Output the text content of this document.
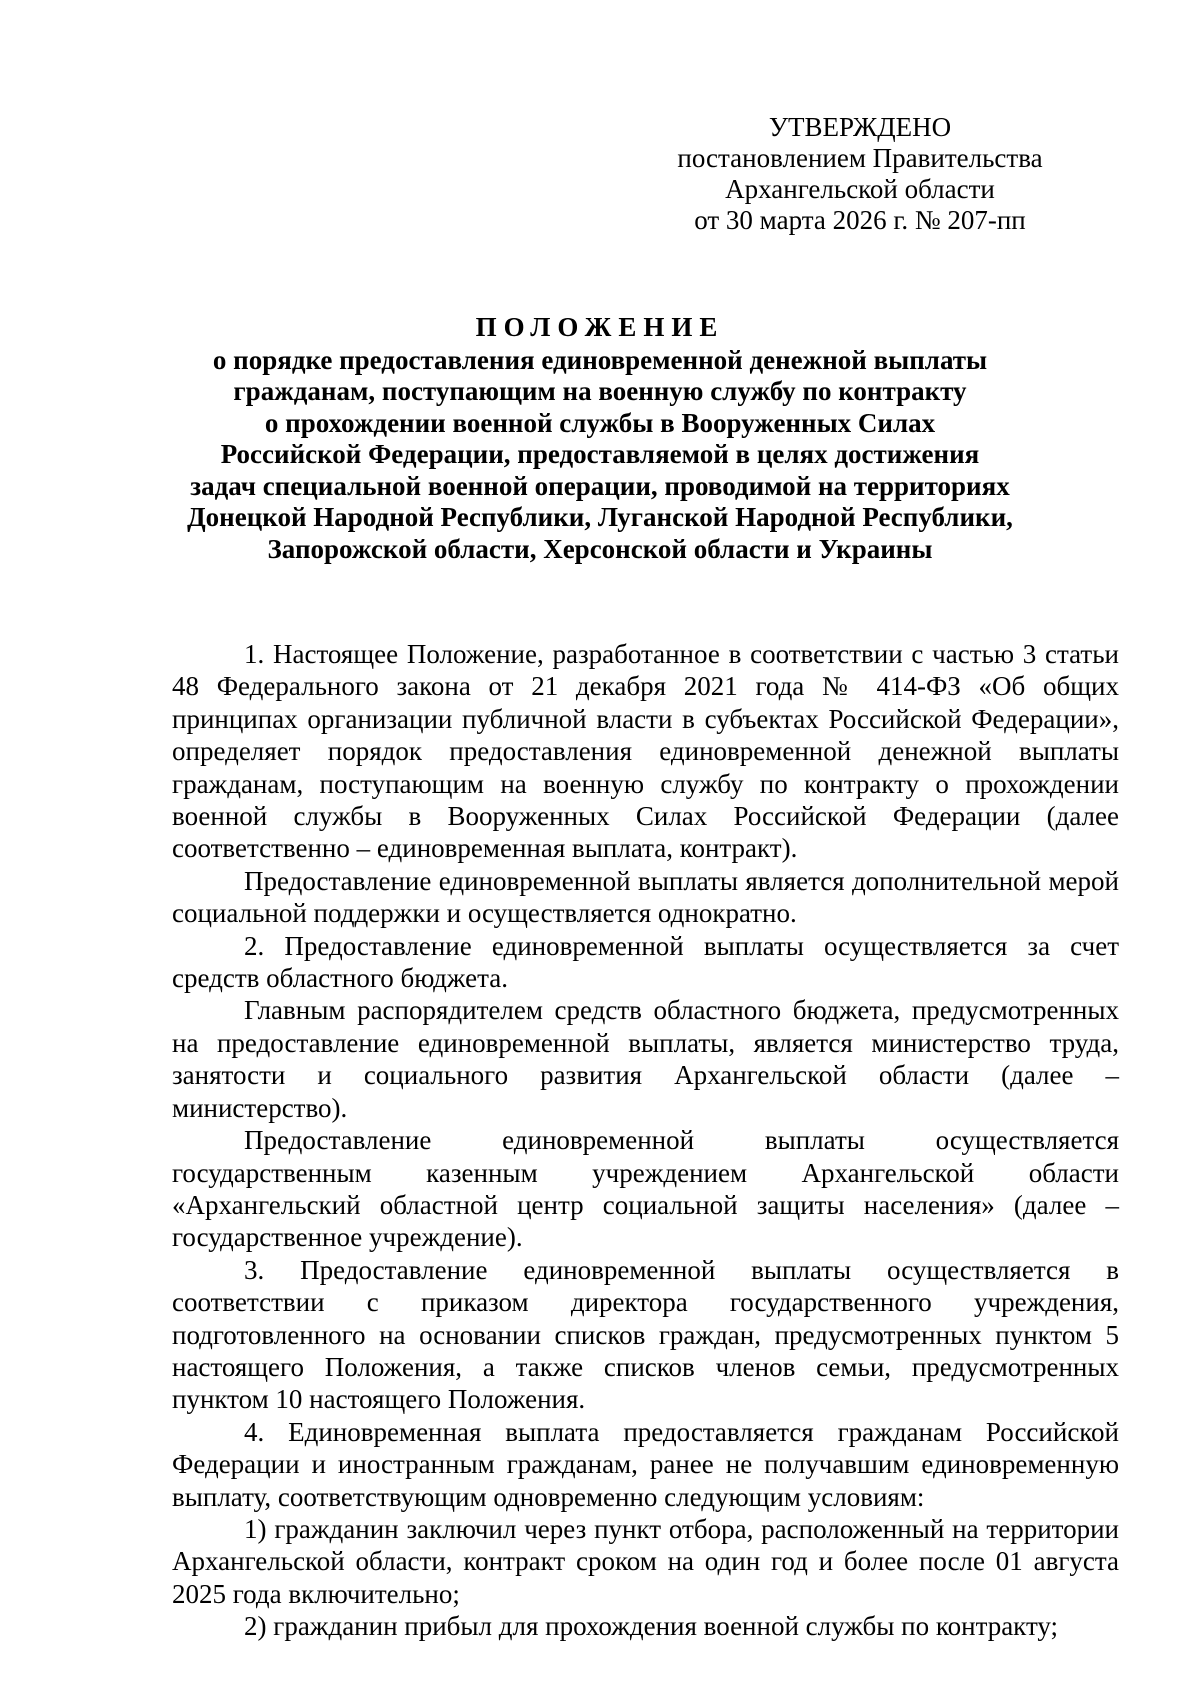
УТВЕРЖДЕНО
постановлением Правительства
Архангельской области
от 30 марта 2026 г. № 207-пп
ПОЛОЖЕНИЕ
о порядке предоставления единовременной денежной выплаты
гражданам, поступающим на военную службу по контракту
о прохождении военной службы в Вооруженных Силах
Российской Федерации, предоставляемой в целях достижения
задач специальной военной операции, проводимой на территориях
Донецкой Народной Республики, Луганской Народной Республики,
Запорожской области, Херсонской области и Украины

1. Настоящее Положение, разработанное в соответствии с частью 3 статьи 48 Федерального закона от 21 декабря 2021 года № 414-ФЗ «Об общих принципах организации публичной власти в субъектах Российской Федерации», определяет порядок предоставления единовременной денежной выплаты гражданам, поступающим на военную службу по контракту о прохождении военной службы в Вооруженных Силах Российской Федерации (далее соответственно – единовременная выплата, контракт).

Предоставление единовременной выплаты является дополнительной мерой социальной поддержки и осуществляется однократно.

2. Предоставление единовременной выплаты осуществляется за счет средств областного бюджета.

Главным распорядителем средств областного бюджета, предусмотренных на предоставление единовременной выплаты, является министерство труда, занятости и социального развития Архангельской области (далее – министерство).

Предоставление единовременной выплаты осуществляется государственным казенным учреждением Архангельской области «Архангельский областной центр социальной защиты населения» (далее – государственное учреждение).

3. Предоставление единовременной выплаты осуществляется в соответствии с приказом директора государственного учреждения, подготовленного на основании списков граждан, предусмотренных пунктом 5 настоящего Положения, а также списков членов семьи, предусмотренных пунктом 10 настоящего Положения.

4. Единовременная выплата предоставляется гражданам Российской Федерации и иностранным гражданам, ранее не получавшим единовременную выплату, соответствующим одновременно следующим условиям:

1) гражданин заключил через пункт отбора, расположенный на территории Архангельской области, контракт сроком на один год и более после 01 августа 2025 года включительно;

2) гражданин прибыл для прохождения военной службы по контракту;
